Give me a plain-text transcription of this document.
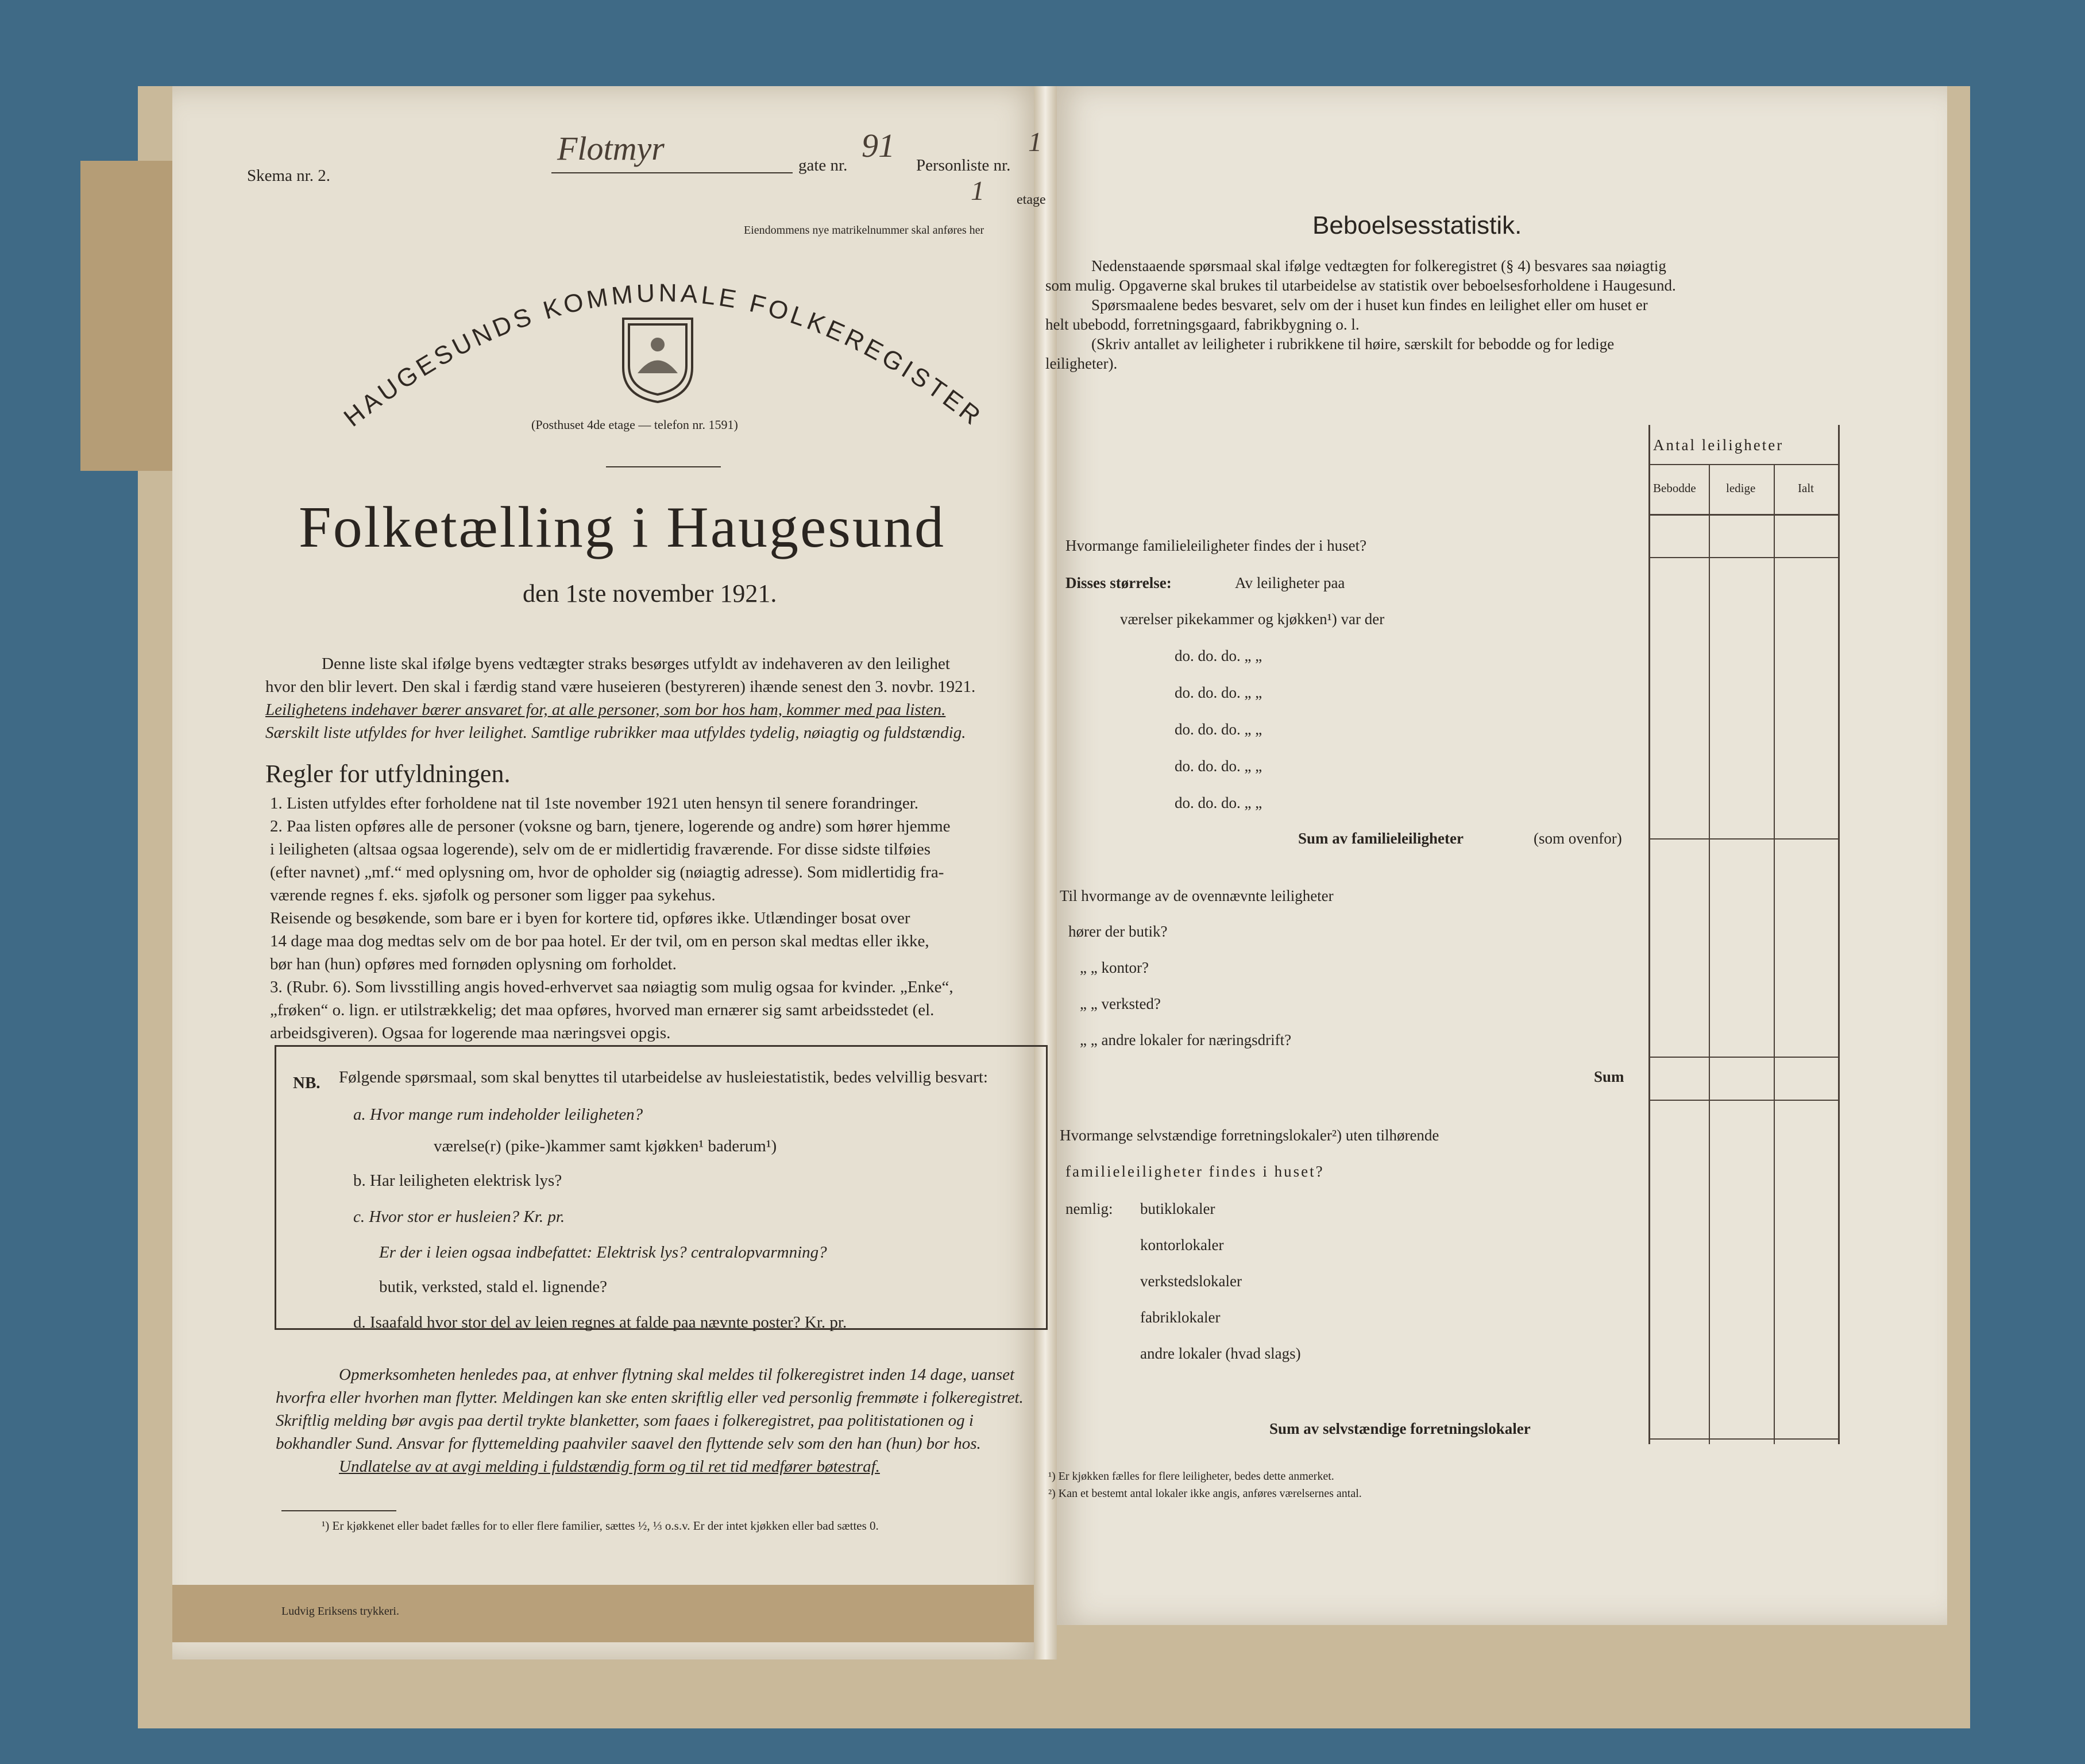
Skema nr. 2.
Flotmyr	gate nr.
91
Personliste nr.
1
1 etage
Eiendommens nye matrikelnummer skal anføres her
HAUGESUNDS KOMMUNALE FOLKEREGISTER
(Posthuset 4de etage — telefon nr. 1591)
Folketælling i Haugesund
den 1ste november 1921.
Denne liste skal ifølge byens vedtægter straks besørges utfyldt av indehaveren av den leilighet
hvor den blir levert. Den skal i færdig stand være huseieren (bestyreren) ihænde senest den 3. novbr. 1921.
Leilighetens indehaver bærer ansvaret for, at alle personer, som bor hos ham, kommer med paa listen.
Særskilt liste utfyldes for hver leilighet. Samtlige rubrikker maa utfyldes tydelig, nøiagtig og fuldstændig.
Regler for utfyldningen.
1. Listen utfyldes efter forholdene nat til 1ste november 1921 uten hensyn til senere forandringer.
2. Paa listen opføres alle de personer (voksne og barn, tjenere, logerende og andre) som hører hjemme
i leiligheten (altsaa ogsaa logerende), selv om de er midlertidig fraværende. For disse sidste tilføies
(efter navnet) „mf.“ med oplysning om, hvor de opholder sig (nøiagtig adresse). Som midlertidig fra-
værende regnes f. eks. sjøfolk og personer som ligger paa sykehus.
Reisende og besøkende, som bare er i byen for kortere tid, opføres ikke. Utlændinger bosat over
14 dage maa dog medtas selv om de bor paa hotel. Er der tvil, om en person skal medtas eller ikke,
bør han (hun) opføres med fornøden oplysning om forholdet.
3. (Rubr. 6). Som livsstilling angis hoved-erhvervet saa nøiagtig som mulig ogsaa for kvinder. „Enke“,
„frøken“ o. lign. er utilstrækkelig; det maa opføres, hvorved man ernærer sig samt arbeidsstedet (el.
arbeidsgiveren). Ogsaa for logerende maa næringsvei opgis.
NB. Følgende spørsmaal, som skal benyttes til utarbeidelse av husleiestatistik, bedes velvillig besvart:
a. Hvor mange rum indeholder leiligheten?
værelse(r) (pike-)kammer samt kjøkken¹ baderum¹)
b. Har leiligheten elektrisk lys?
c. Hvor stor er husleien? Kr. pr.
Er der i leien ogsaa indbefattet: Elektrisk lys? centralopvarmning?
butik, verksted, stald el. lignende?
d. Isaafald hvor stor del av leien regnes at falde paa nævnte poster? Kr. pr.
Opmerksomheten henledes paa, at enhver flytning skal meldes til folkeregistret inden 14 dage, uanset
hvorfra eller hvorhen man flytter. Meldingen kan ske enten skriftlig eller ved personlig fremmøte i folkeregistret.
Skriftlig melding bør avgis paa dertil trykte blanketter, som faaes i folkeregistret, paa politistationen og i
bokhandler Sund. Ansvar for flyttemelding paahviler saavel den flyttende selv som den han (hun) bor hos.
Undlatelse av at avgi melding i fuldstændig form og til ret tid medfører bøtestraf.
¹) Er kjøkkenet eller badet fælles for to eller flere familier, sættes ½, ⅓ o.s.v. Er der intet kjøkken eller bad sættes 0.
Ludvig Eriksens trykkeri.
Beboelsesstatistik.
Nedenstaaende spørsmaal skal ifølge vedtægten for folkeregistret (§ 4) besvares saa nøiagtig
som mulig. Opgaverne skal brukes til utarbeidelse av statistik over beboelsesforholdene i Haugesund.
Spørsmaalene bedes besvaret, selv om der i huset kun findes en leilighet eller om huset er
helt ubebodd, forretningsgaard, fabrikbygning o. l.
(Skriv antallet av leiligheter i rubrikkene til høire, særskilt for bebodde og for ledige
leiligheter).
Antal leiligheter
Bebodde ledige	Ialt
Hvormange familieleiligheter findes der i huset?
Disses størrelse:	Av leiligheter paa
værelser pikekammer og kjøkken¹) var der
do. do. do. „ „
do. do. do. „ „
do. do. do. „ „
do. do. do. „ „
do. do. do. „ „
Sum av familieleiligheter	(som ovenfor)
Til hvormange av de ovennævnte leiligheter
hører der butik?
„ „ kontor?
„ „ verksted?
„ „ andre lokaler for næringsdrift?
Sum
Hvormange selvstændige forretningslokaler²) uten tilhørende
familieleiligheter findes i huset?
nemlig: butiklokaler
kontorlokaler
verkstedslokaler
fabriklokaler
andre lokaler (hvad slags)
Sum av selvstændige forretningslokaler
¹) Er kjøkken fælles for flere leiligheter, bedes dette anmerket.
²) Kan et bestemt antal lokaler ikke angis, anføres værelsernes antal.
